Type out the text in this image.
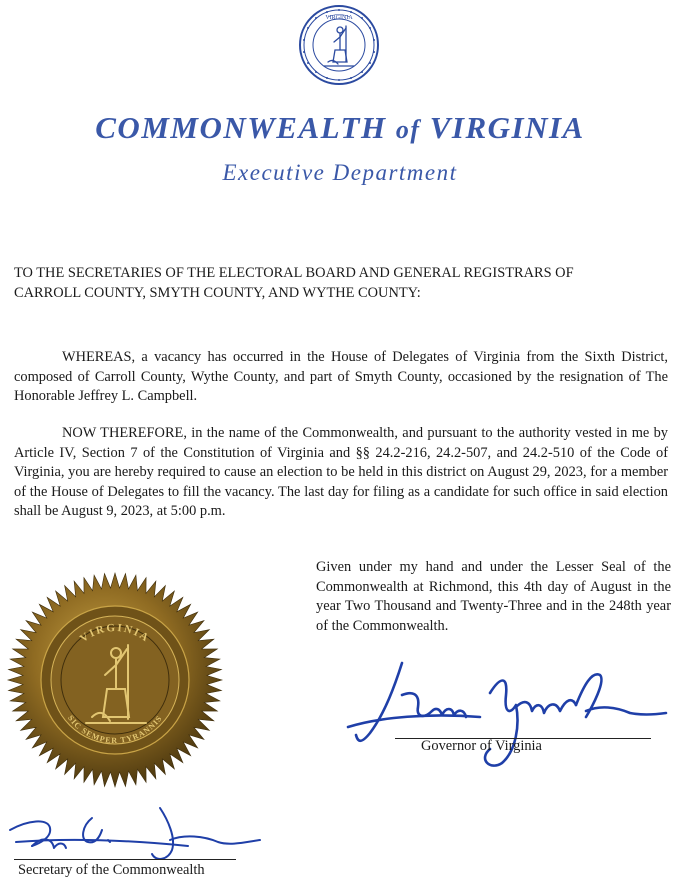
VIRGINIA
COMMONWEALTH of VIRGINIA
Executive Department
TO THE SECRETARIES OF THE ELECTORAL BOARD AND GENERAL REGISTRARS OF
CARROLL COUNTY, SMYTH COUNTY, AND WYTHE COUNTY:
WHEREAS, a vacancy has occurred in the House of Delegates of Virginia from the Sixth District, composed of Carroll County, Wythe County, and part of Smyth County, occasioned by the resignation of The Honorable Jeffrey L. Campbell.
NOW THEREFORE, in the name of the Commonwealth, and pursuant to the authority vested in me by Article IV, Section 7 of the Constitution of Virginia and §§ 24.2-216, 24.2-507, and 24.2-510 of the Code of Virginia, you are hereby required to cause an election to be held in this district on August 29, 2023, for a member of the House of Delegates to fill the vacancy. The last day for filing as a candidate for such office in said election shall be August 9, 2023, at 5:00 p.m.
Given under my hand and under the Lesser Seal of the Commonwealth at Richmond, this 4th day of August in the year Two Thousand and Twenty-Three and in the 248th year of the Commonwealth.
VIRGINIA
SIC SEMPER TYRANNIS
Governor of Virginia
Secretary of the Commonwealth
